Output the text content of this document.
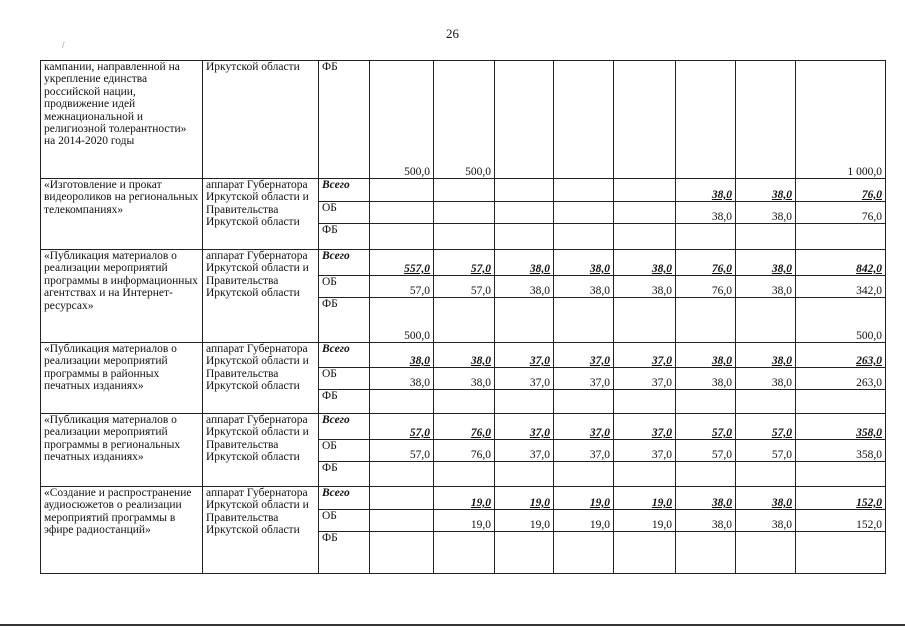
26
/
кампании, направленной на укрепление единства российской нации, продвижение идей межнациональной и религиозной толерантности» на 2014-2020 годы	Иркутской области	ФБ	500,0	500,0						1 000,0
«Изготовление и прокат видеороликов на региональных телекомпаниях»	аппарат Губернатора Иркутской области и Правительства Иркутской области	Всего						38,0	38,0	76,0
		ОБ						38,0	38,0	76,0
		ФБ								
«Публикация материалов о реализации мероприятий программы в информационных агентствах и на Интернет-ресурсах»	аппарат Губернатора Иркутской области и Правительства Иркутской области	Всего	557,0	57,0	38,0	38,0	38,0	76,0	38,0	842,0
		ОБ	57,0	57,0	38,0	38,0	38,0	76,0	38,0	342,0
		ФБ	500,0							500,0
«Публикация материалов о реализации мероприятий программы в районных печатных изданиях»	аппарат Губернатора Иркутской области и Правительства Иркутской области	Всего	38,0	38,0	37,0	37,0	37,0	38,0	38,0	263,0
		ОБ	38,0	38,0	37,0	37,0	37,0	38,0	38,0	263,0
		ФБ								
«Публикация материалов о реализации мероприятий программы в региональных печатных изданиях»	аппарат Губернатора Иркутской области и Правительства Иркутской области	Всего	57,0	76,0	37,0	37,0	37,0	57,0	57,0	358,0
		ОБ	57,0	76,0	37,0	37,0	37,0	57,0	57,0	358,0
		ФБ								
«Создание и распространение аудиосюжетов о реализации мероприятий программы в эфире радиостанций»	аппарат Губернатора Иркутской области и Правительства Иркутской области	Всего		19,0	19,0	19,0	19,0	38,0	38,0	152,0
		ОБ		19,0	19,0	19,0	19,0	38,0	38,0	152,0
		ФБ								
